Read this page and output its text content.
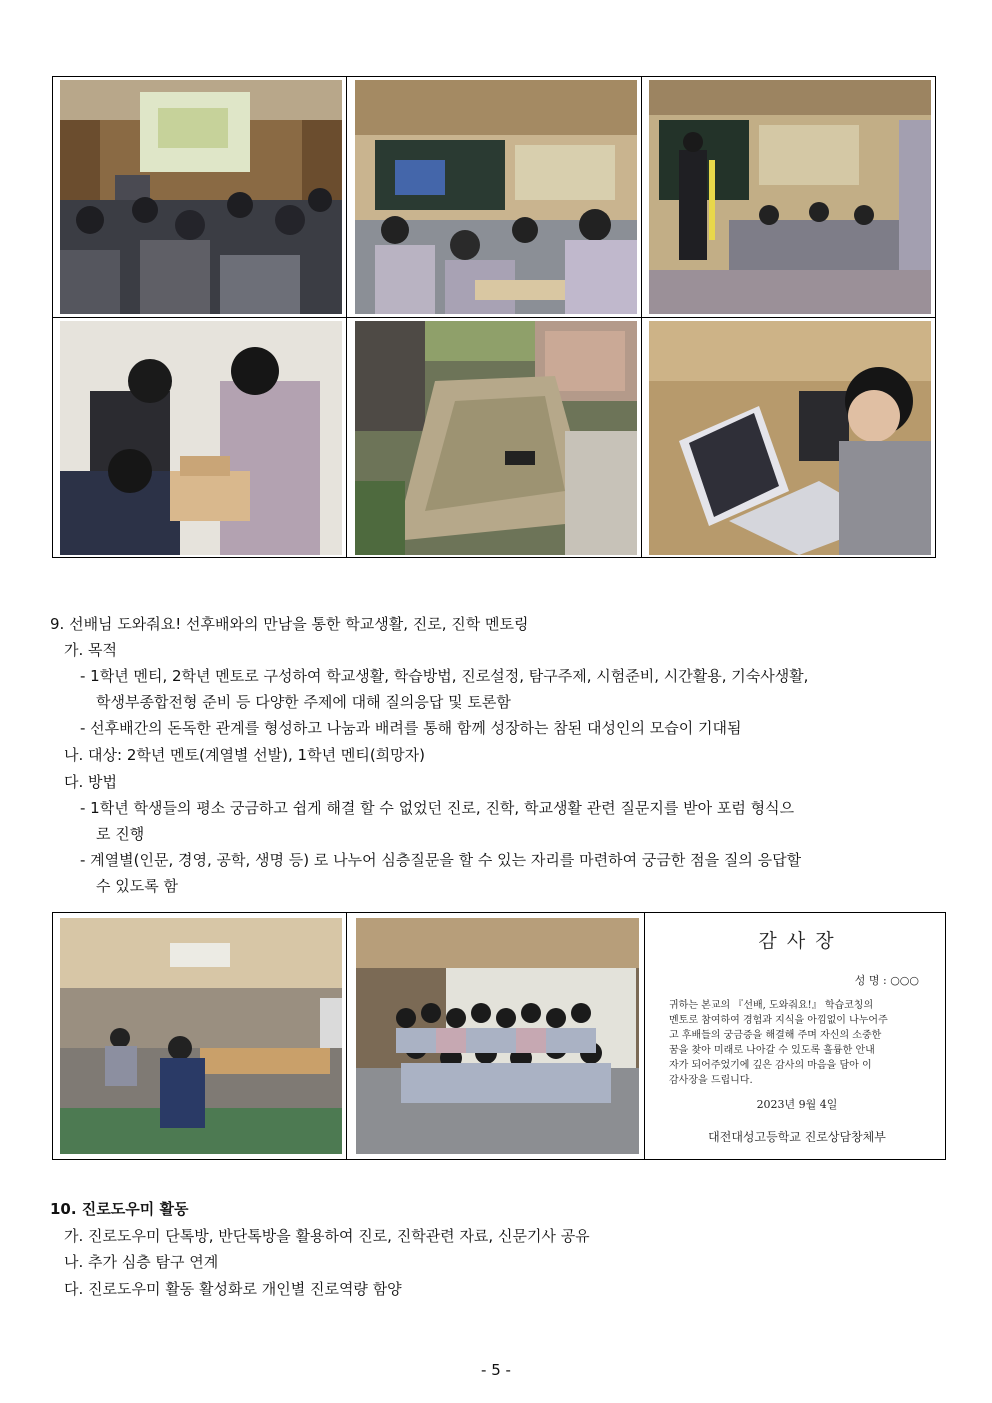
9. 선배님 도와줘요! 선후배와의 만남을 통한 학교생활, 진로, 진학 멘토링
가. 목적
- 1학년 멘티, 2학년 멘토로 구성하여 학교생활, 학습방법, 진로설정, 탐구주제, 시험준비, 시간활용, 기숙사생활,
학생부종합전형 준비 등 다양한 주제에 대해 질의응답 및 토론함
- 선후배간의 돈독한 관계를 형성하고 나눔과 배려를 통해 함께 성장하는 참된 대성인의 모습이 기대됨
나. 대상: 2학년 멘토(계열별 선발), 1학년 멘티(희망자)
다. 방법
- 1학년 학생들의 평소 궁금하고 쉽게 해결 할 수 없었던 진로, 진학, 학교생활 관련 질문지를 받아 포럼 형식으
로 진행
- 계열별(인문, 경영, 공학, 생명 등) 로 나누어 심층질문을 할 수 있는 자리를 마련하여 궁금한 점을 질의 응답할
수 있도록 함
감 사 장
성 명 : ○○○
귀하는 본교의 『선배, 도와줘요!』 학습코칭의
멘토로 참여하여 경험과 지식을 아낌없이 나누어주
고 후배들의 궁금증을 해결해 주며 자신의 소중한
꿈을 찾아 미래로 나아갈 수 있도록 훌륭한 안내
자가 되어주었기에 깊은 감사의 마음을 담아 이
감사장을 드립니다.
2023년 9월 4일
대전대성고등학교 진로상담창체부
10. 진로도우미 활동
가. 진로도우미 단톡방, 반단톡방을 활용하여 진로, 진학관련 자료, 신문기사 공유
나. 추가 심층 탐구 연계
다. 진로도우미 활동 활성화로 개인별 진로역량 함양
- 5 -
